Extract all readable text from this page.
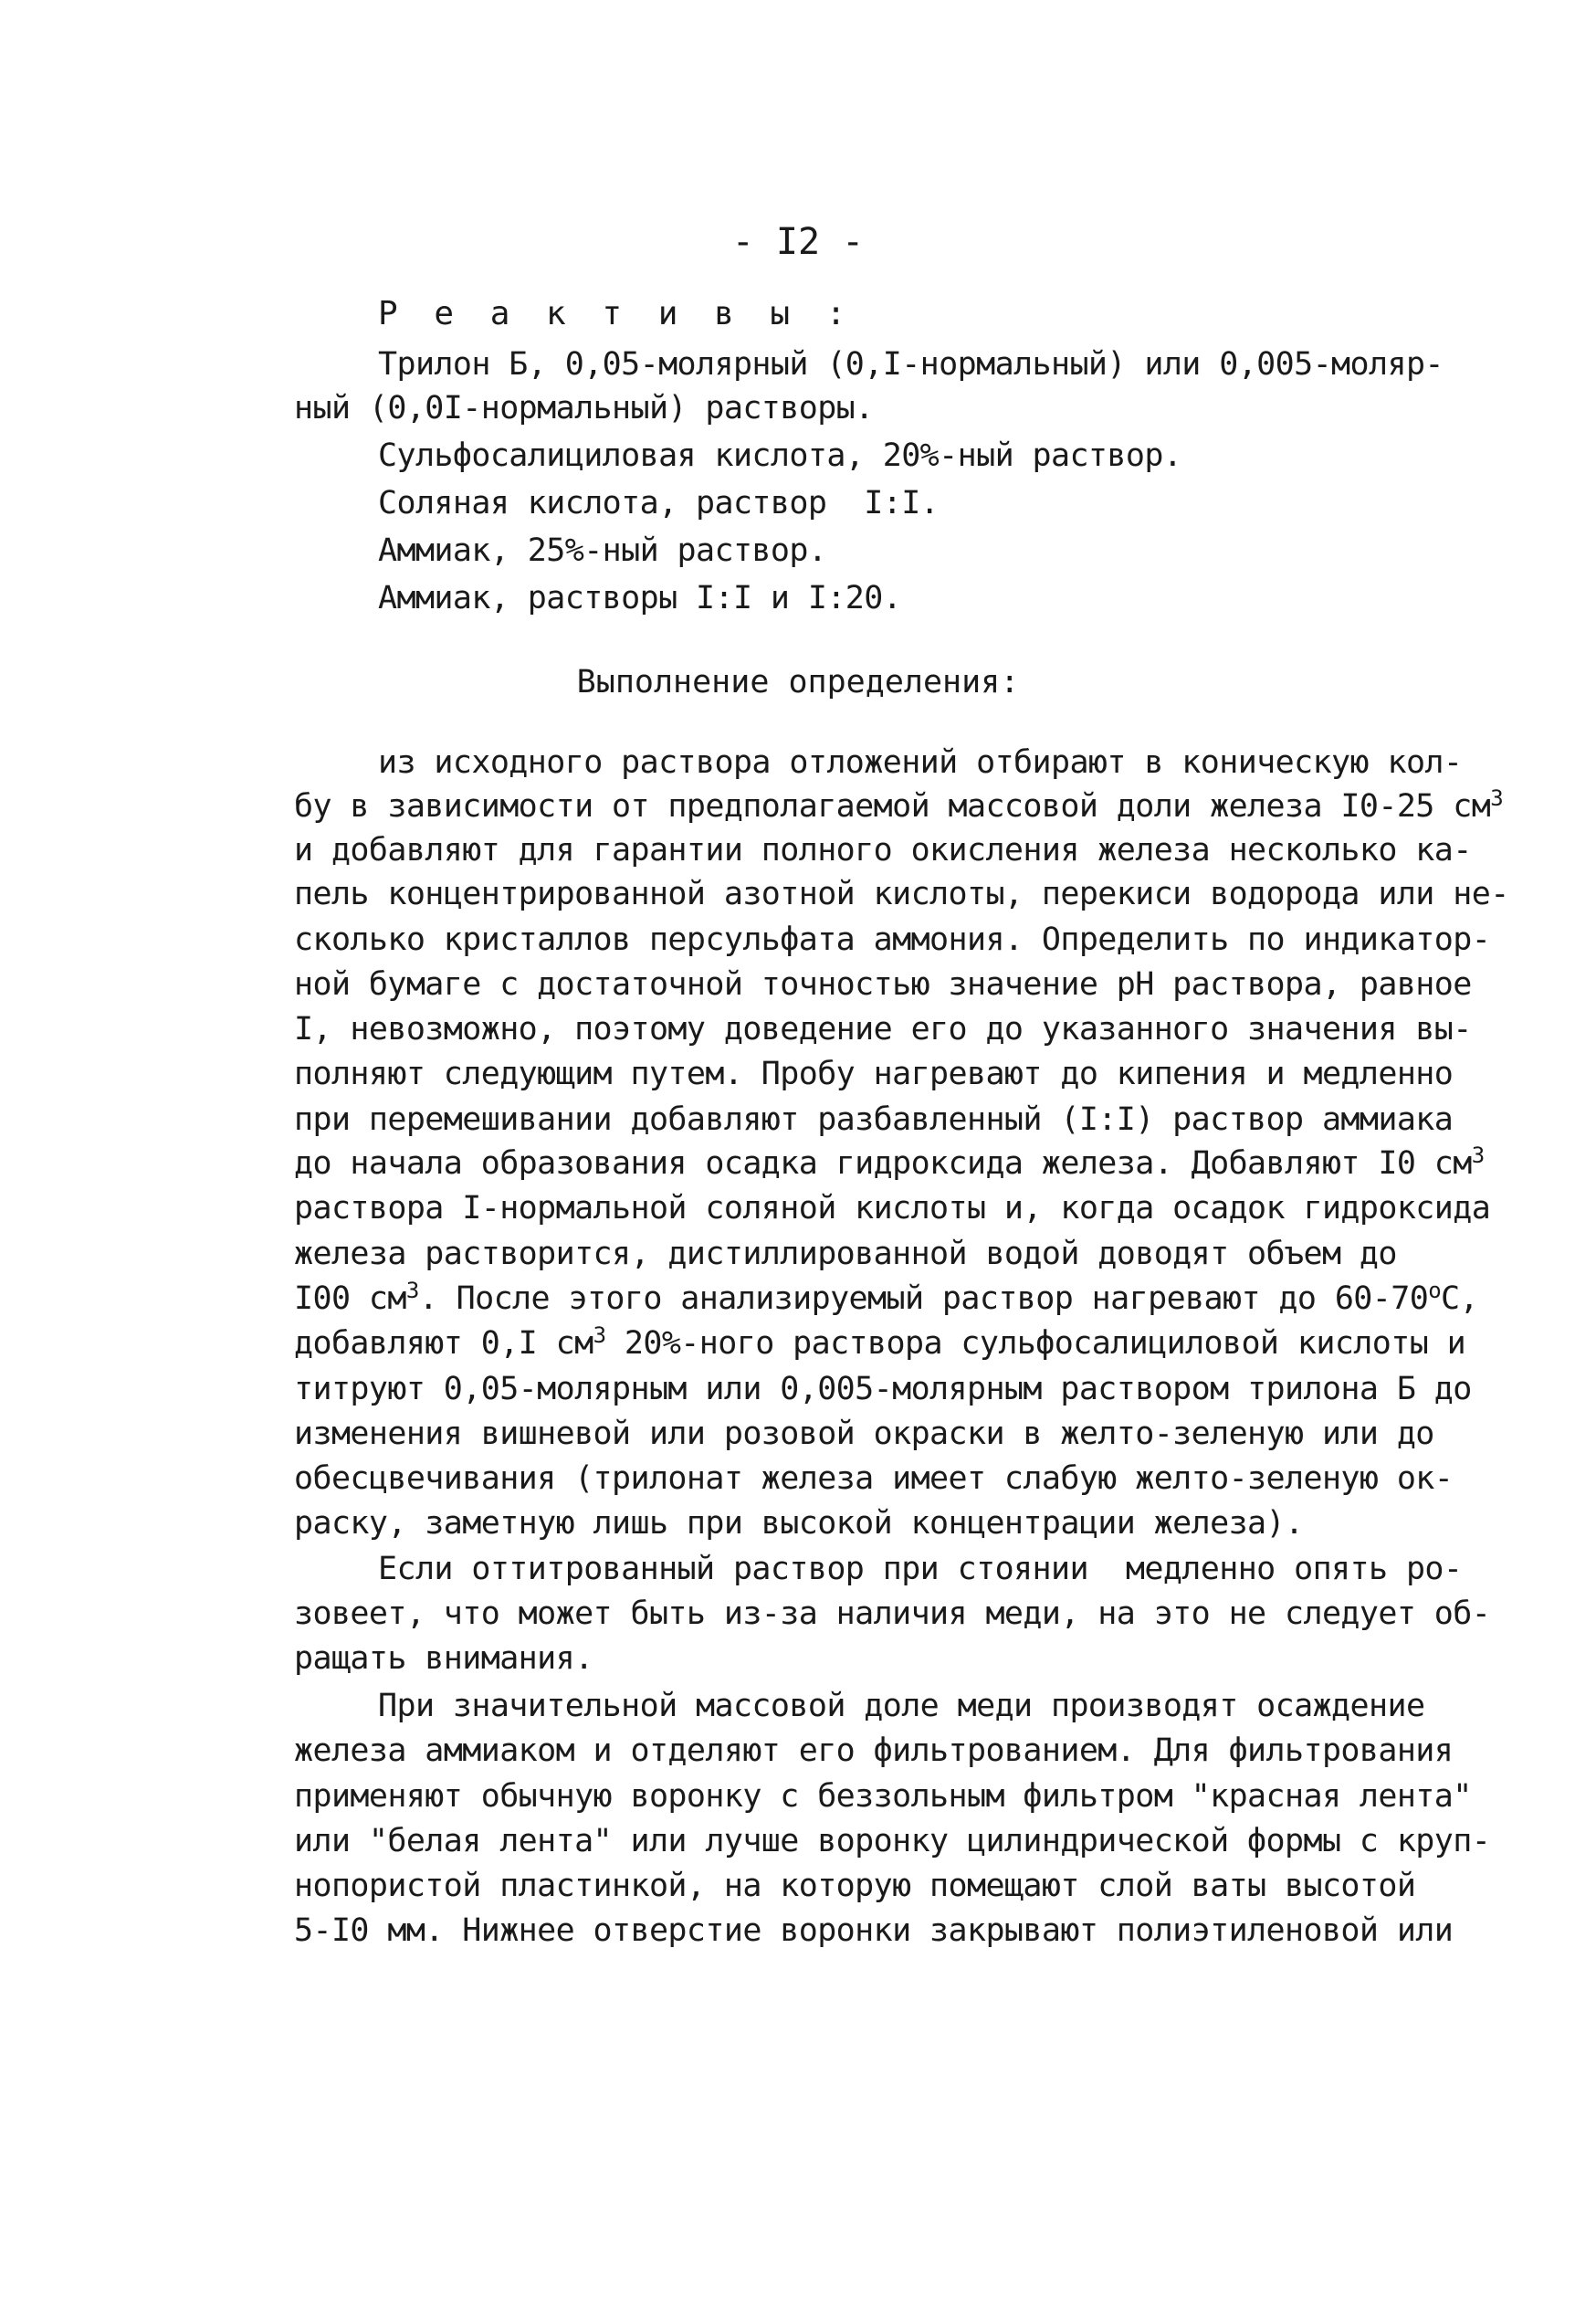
- I2 -
Р е а к т и в ы :
Трилон Б, 0,05-молярный (0,I-нормальный) или 0,005-моляр-
ный (0,0I-нормальный) растворы.
Сульфосалициловая кислота, 20%-ный раствор.
Соляная кислота, раствор  I:I.
Аммиак, 25%-ный раствор.
Аммиак, растворы I:I и I:20.
Выполнение определения:
из исходного раствора отложений отбирают в коническую кол-
бу в зависимости от предполагаемой массовой доли железа I0-25 $см^3$
и добавляют для гарантии полного окисления железа несколько ка-
пель концентрированной азотной кислоты, перекиси водорода или не-
сколько кристаллов персульфата аммония. Определить по индикатор-
ной бумаге с достаточной точностью значение pH раствора, равное
I, невозможно, поэтому доведение его до указанного значения вы-
полняют следующим путем. Пробу нагревают до кипения и медленно
при перемешивании добавляют разбавленный (I:I) раствор аммиака
до начала образования осадка гидроксида железа. Добавляют I0 $см^3$
раствора I-нормальной соляной кислоты и, когда осадок гидроксида
железа растворится, дистиллированной водой доводят объем до
I00 $см^3$. После этого анализируемый раствор нагревают до 60-70$^o$С,
добавляют 0,I $см^3$ 20%-ного раствора сульфосалициловой кислоты и
титруют 0,05-молярным или 0,005-молярным раствором трилона Б до
изменения вишневой или розовой окраски в желто-зеленую или до
обесцвечивания (трилонат железа имеет слабую желто-зеленую ок-
раску, заметную лишь при высокой концентрации железа).
Если оттитрованный раствор при стоянии  медленно опять ро-
зовеет, что может быть из-за наличия меди, на это не следует об-
ращать внимания.
При значительной массовой доле меди производят осаждение
железа аммиаком и отделяют его фильтрованием. Для фильтрования
применяют обычную воронку с беззольным фильтром "красная лента"
или "белая лента" или лучше воронку цилиндрической формы с круп-
нопористой пластинкой, на которую помещают слой ваты высотой
5-I0 мм. Нижнее отверстие воронки закрывают полиэтиленовой или
